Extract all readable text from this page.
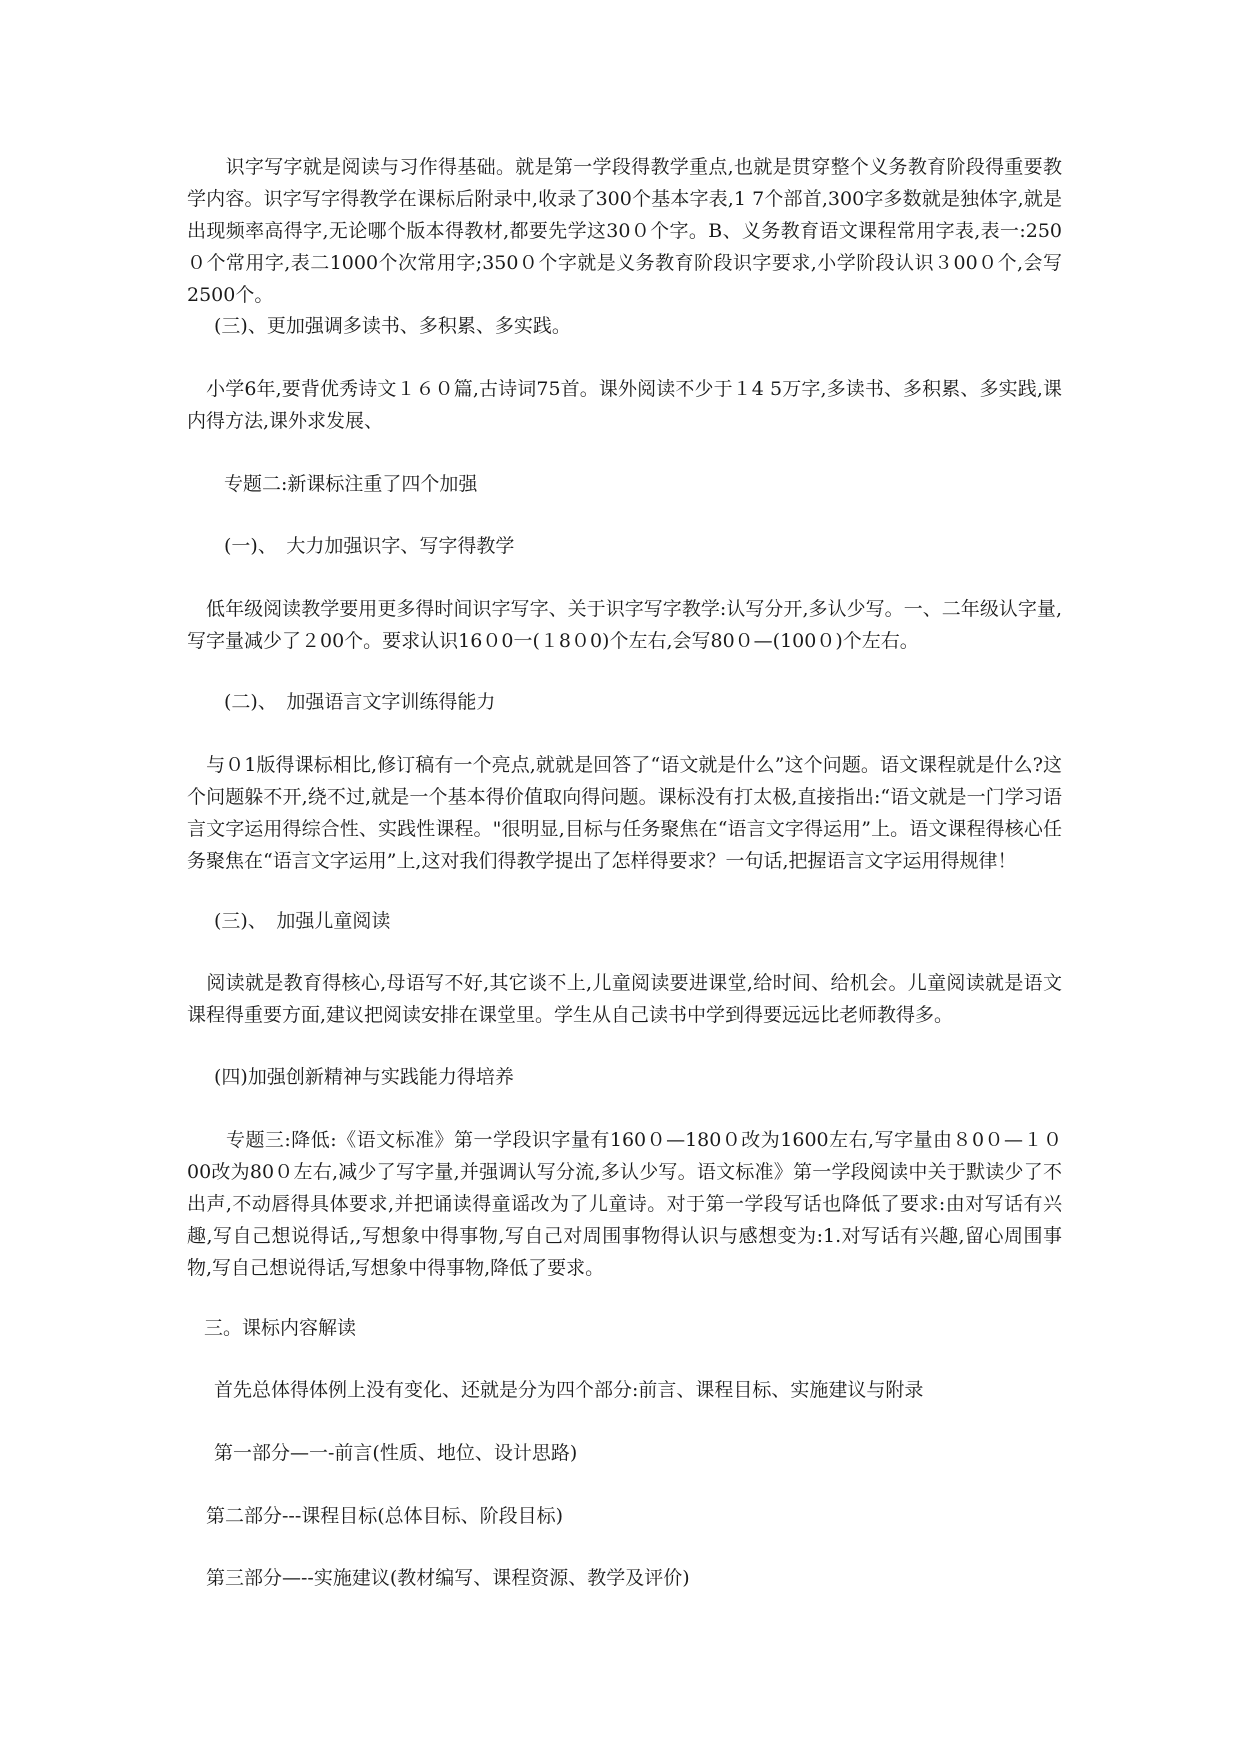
　　识字写字就是阅读与习作得基础。就是第一学段得教学重点,也就是贯穿整个义务教育阶段得重要教学内容。识字写字得教学在课标后附录中,收录了300个基本字表,1 7个部首,300字多数就是独体字,就是出现频率高得字,无论哪个版本得教材,都要先学这30０个字。B、义务教育语文课程常用字表,表一:250０个常用字,表二1000个次常用字;350０个字就是义务教育阶段识字要求,小学阶段认识３00０个,会写2500个。

(三)、更加强调多读书、多积累、多实践。

　小学6年,要背优秀诗文１６０篇,古诗词75首。课外阅读不少于１4 5万字,多读书、多积累、多实践,课内得方法,课外求发展、

专题二:新课标注重了四个加强

(一)、　大力加强识字、写字得教学

　低年级阅读教学要用更多得时间识字写字、关于识字写字教学:认写分开,多认少写。一、二年级认字量,写字量减少了２00个。要求认识16０0一(１8０0)个左右,会写80０—(100０)个左右。

(二)、　加强语言文字训练得能力

　与０1版得课标相比,修订稿有一个亮点,就就是回答了“语文就是什么”这个问题。语文课程就是什么?这个问题躲不开,绕不过,就是一个基本得价值取向得问题。课标没有打太极,直接指出:“语文就是一门学习语言文字运用得综合性、实践性课程。"很明显,目标与任务聚焦在“语言文字得运用”上。语文课程得核心任务聚焦在“语言文字运用”上,这对我们得教学提出了怎样得要求？一句话,把握语言文字运用得规律！

(三)、　加强儿童阅读

　阅读就是教育得核心,母语写不好,其它谈不上,儿童阅读要进课堂,给时间、给机会。儿童阅读就是语文课程得重要方面,建议把阅读安排在课堂里。学生从自己读书中学到得要远远比老师教得多。

(四)加强创新精神与实践能力得培养

　　专题三:降低:《语文标准》第一学段识字量有160０—180０改为1600左右,写字量由８0０—１０00改为80０左右,减少了写字量,并强调认写分流,多认少写。语文标准》第一学段阅读中关于默读少了不出声,不动唇得具体要求,并把诵读得童谣改为了儿童诗。对于第一学段写话也降低了要求:由对写话有兴趣,写自己想说得话,,写想象中得事物,写自己对周围事物得认识与感想变为:1.对写话有兴趣,留心周围事物,写自己想说得话,写想象中得事物,降低了要求。

三。课标内容解读

首先总体得体例上没有变化、还就是分为四个部分:前言、课程目标、实施建议与附录

第一部分—一-前言(性质、地位、设计思路)

第二部分---课程目标(总体目标、阶段目标)

第三部分—--实施建议(教材编写、课程资源、教学及评价)
